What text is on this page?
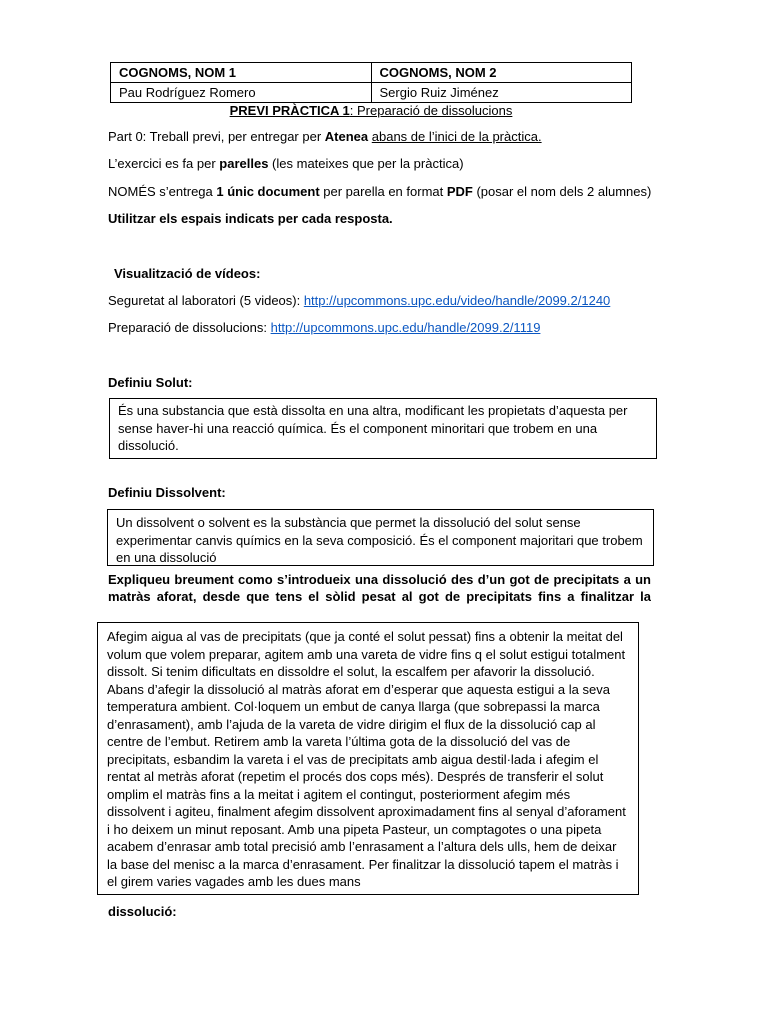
COGNOMS, NOM 1	COGNOMS, NOM 2
Pau Rodríguez Romero	Sergio Ruiz Jiménez
PREVI PRÀCTICA 1: Preparació de dissolucions
Part 0: Treball previ, per entregar per Atenea abans de l’inici de la pràctica.
L’exercici es fa per parelles (les mateixes que per la pràctica)
NOMÉS s’entrega 1 únic document per parella en format PDF (posar el nom dels 2 alumnes)
Utilitzar els espais indicats per cada resposta.
Visualització de vídeos:
Seguretat al laboratori (5 videos): http://upcommons.upc.edu/video/handle/2099.2/1240
Preparació de dissolucions: http://upcommons.upc.edu/handle/2099.2/1119
Definiu Solut:

És una substancia que està dissolta en una altra, modificant les propietats d’aquesta per sense haver-hi una reacció química. És el component minoritari que trobem en una dissolució.

Definiu Dissolvent:

Un dissolvent o solvent es la substància que permet la dissolució del solut sense experimentar canvis químics en la seva composició. És el component majoritari que trobem en una dissolució

Expliqueu breument como s’introdueix una dissolució des d’un got de precipitats a un
matràs aforat, desde que tens el sòlid pesat al got de precipitats fins a finalitzar la

Afegim aigua al vas de precipitats (que ja conté el solut pessat) fins a obtenir la meitat del volum que volem preparar, agitem amb una vareta de vidre fins q el solut estigui totalment dissolt. Si tenim dificultats en dissoldre el solut, la escalfem per afavorir la dissolució. Abans d’afegir la dissolució al matràs aforat em d’esperar que aquesta estigui a la seva temperatura ambient. Col·loquem un embut de canya llarga (que sobrepassi la marca d’enrasament), amb l’ajuda de la vareta de vidre dirigim el flux de la dissolució cap al centre de l’embut. Retirem amb la vareta l’última gota de la dissolució del vas de precipitats, esbandim la vareta i el vas de precipitats amb aigua destil·lada i afegim el rentat al metràs aforat (repetim el procés dos cops més). Després de transferir el solut omplim el matràs fins a la meitat i agitem el contingut, posteriorment afegim més dissolvent i agiteu, finalment afegim dissolvent aproximadament fins al senyal d’aforament i ho deixem un minut reposant. Amb una pipeta Pasteur, un comptagotes o una pipeta acabem d’enrasar amb total precisió amb l’enrasament a l’altura dels ulls, hem de deixar la base del menisc a la marca d’enrasament. Per finalitzar la dissolució tapem el matràs i el girem varies vagades amb les dues mans

dissolució:
